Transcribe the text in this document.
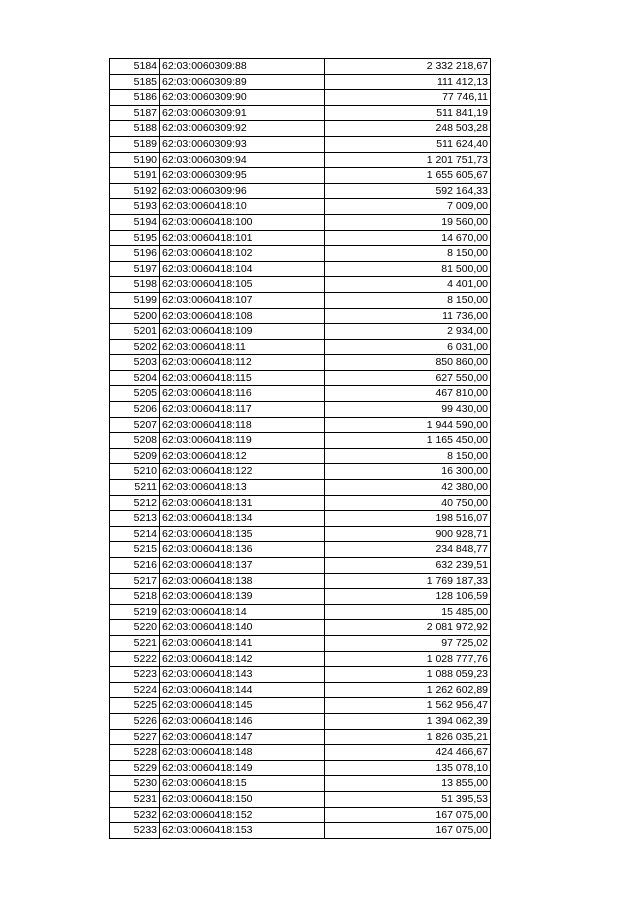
5184	62:03:0060309:88	2 332 218,67
5185	62:03:0060309:89	111 412,13
5186	62:03:0060309:90	77 746,11
5187	62:03:0060309:91	511 841,19
5188	62:03:0060309:92	248 503,28
5189	62:03:0060309:93	511 624,40
5190	62:03:0060309:94	1 201 751,73
5191	62:03:0060309:95	1 655 605,67
5192	62:03:0060309:96	592 164,33
5193	62:03:0060418:10	7 009,00
5194	62:03:0060418:100	19 560,00
5195	62:03:0060418:101	14 670,00
5196	62:03:0060418:102	8 150,00
5197	62:03:0060418:104	81 500,00
5198	62:03:0060418:105	4 401,00
5199	62:03:0060418:107	8 150,00
5200	62:03:0060418:108	11 736,00
5201	62:03:0060418:109	2 934,00
5202	62:03:0060418:11	6 031,00
5203	62:03:0060418:112	850 860,00
5204	62:03:0060418:115	627 550,00
5205	62:03:0060418:116	467 810,00
5206	62:03:0060418:117	99 430,00
5207	62:03:0060418:118	1 944 590,00
5208	62:03:0060418:119	1 165 450,00
5209	62:03:0060418:12	8 150,00
5210	62:03:0060418:122	16 300,00
5211	62:03:0060418:13	42 380,00
5212	62:03:0060418:131	40 750,00
5213	62:03:0060418:134	198 516,07
5214	62:03:0060418:135	900 928,71
5215	62:03:0060418:136	234 848,77
5216	62:03:0060418:137	632 239,51
5217	62:03:0060418:138	1 769 187,33
5218	62:03:0060418:139	128 106,59
5219	62:03:0060418:14	15 485,00
5220	62:03:0060418:140	2 081 972,92
5221	62:03:0060418:141	97 725,02
5222	62:03:0060418:142	1 028 777,76
5223	62:03:0060418:143	1 088 059,23
5224	62:03:0060418:144	1 262 602,89
5225	62:03:0060418:145	1 562 956,47
5226	62:03:0060418:146	1 394 062,39
5227	62:03:0060418:147	1 826 035,21
5228	62:03:0060418:148	424 466,67
5229	62:03:0060418:149	135 078,10
5230	62:03:0060418:15	13 855,00
5231	62:03:0060418:150	51 395,53
5232	62:03:0060418:152	167 075,00
5233	62:03:0060418:153	167 075,00
